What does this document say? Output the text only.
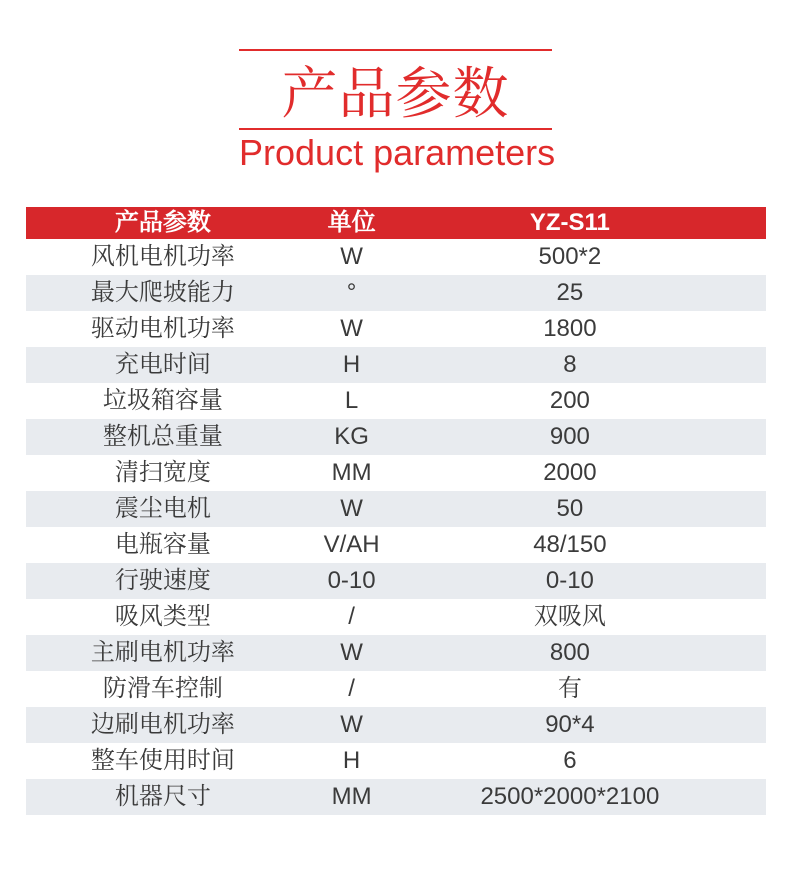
产品参数
Product parameters
产品参数	单位	YZ-S11
风机电机功率	W	500*2
最大爬坡能力	°	25
驱动电机功率	W	1800
充电时间	H	8
垃圾箱容量	L	200
整机总重量	KG	900
清扫宽度	MM	2000
震尘电机	W	50
电瓶容量	V/AH	48/150
行驶速度	0-10	0-10
吸风类型	/	双吸风
主刷电机功率	W	800
防滑车控制	/	有
边刷电机功率	W	90*4
整车使用时间	H	6
机器尺寸	MM	2500*2000*2100
